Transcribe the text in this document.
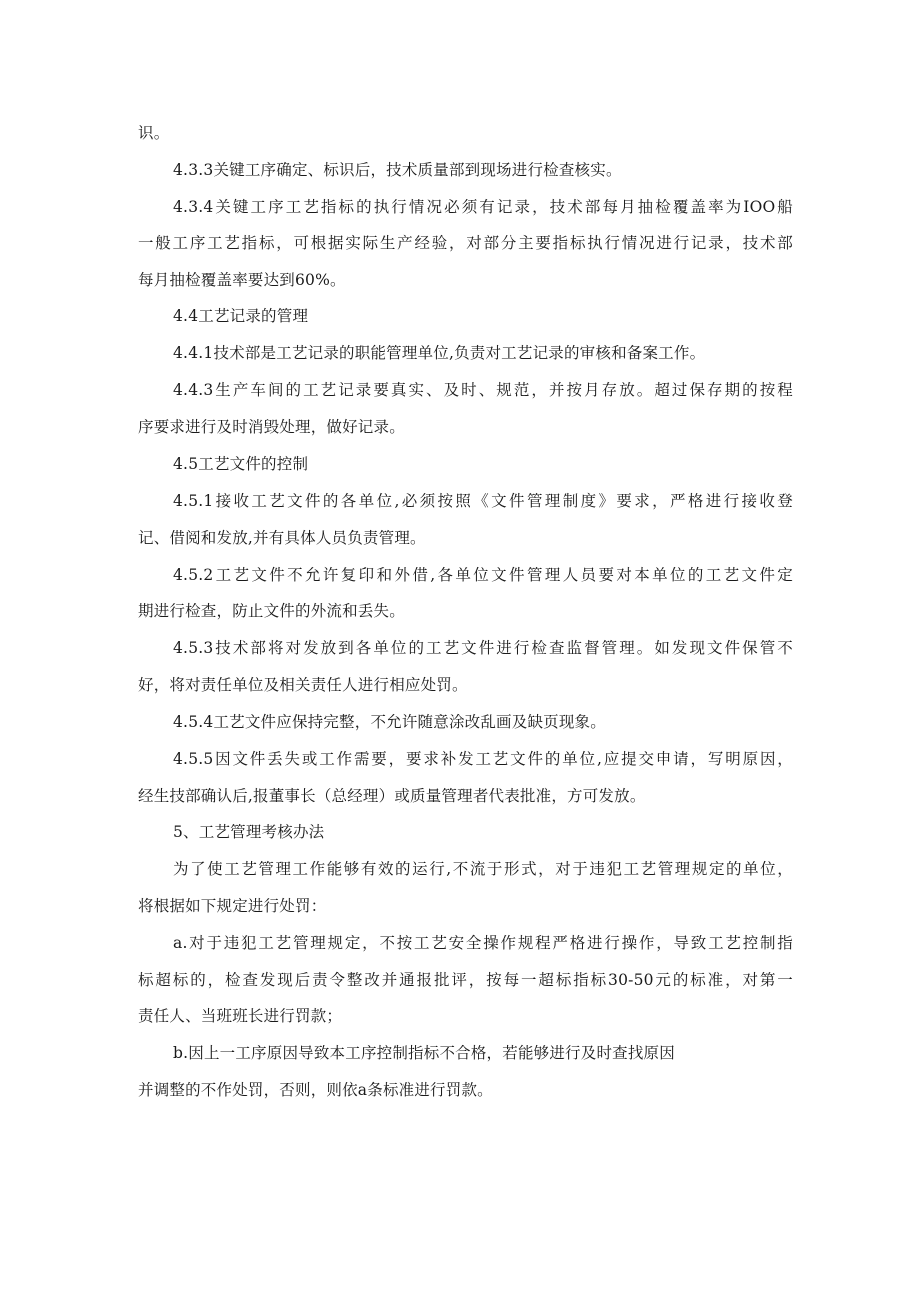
识。
4.3.3关键工序确定、标识后，技术质量部到现场进行检查核实。
4.3.4关键工序工艺指标的执行情况必须有记录，技术部每月抽检覆盖率为IOO船
一般工序工艺指标，可根据实际生产经验，对部分主要指标执行情况进行记录，技术部
每月抽检覆盖率要达到60%。
4.4工艺记录的管理
4.4.1技术部是工艺记录的职能管理单位,负责对工艺记录的审核和备案工作。
4.4.3生产车间的工艺记录要真实、及时、规范，并按月存放。超过保存期的按程
序要求进行及时消毁处理，做好记录。
4.5工艺文件的控制
4.5.1接收工艺文件的各单位,必须按照《文件管理制度》要求，严格进行接收登
记、借阅和发放,并有具体人员负责管理。
4.5.2工艺文件不允许复印和外借,各单位文件管理人员要对本单位的工艺文件定
期进行检查，防止文件的外流和丢失。
4.5.3技术部将对发放到各单位的工艺文件进行检查监督管理。如发现文件保管不
好，将对责任单位及相关责任人进行相应处罚。
4.5.4工艺文件应保持完整，不允许随意涂改乱画及缺页现象。
4.5.5因文件丢失或工作需要，要求补发工艺文件的单位,应提交申请，写明原因，
经生技部确认后,报董事长（总经理）或质量管理者代表批准，方可发放。
5、工艺管理考核办法
为了使工艺管理工作能够有效的运行,不流于形式，对于违犯工艺管理规定的单位，
将根据如下规定进行处罚：
a.对于违犯工艺管理规定，不按工艺安全操作规程严格进行操作，导致工艺控制指
标超标的，检查发现后责令整改并通报批评，按每一超标指标30-50元的标准，对第一
责任人、当班班长进行罚款；
b.因上一工序原因导致本工序控制指标不合格，若能够进行及时查找原因
并调整的不作处罚，否则，则依a条标准进行罚款。
